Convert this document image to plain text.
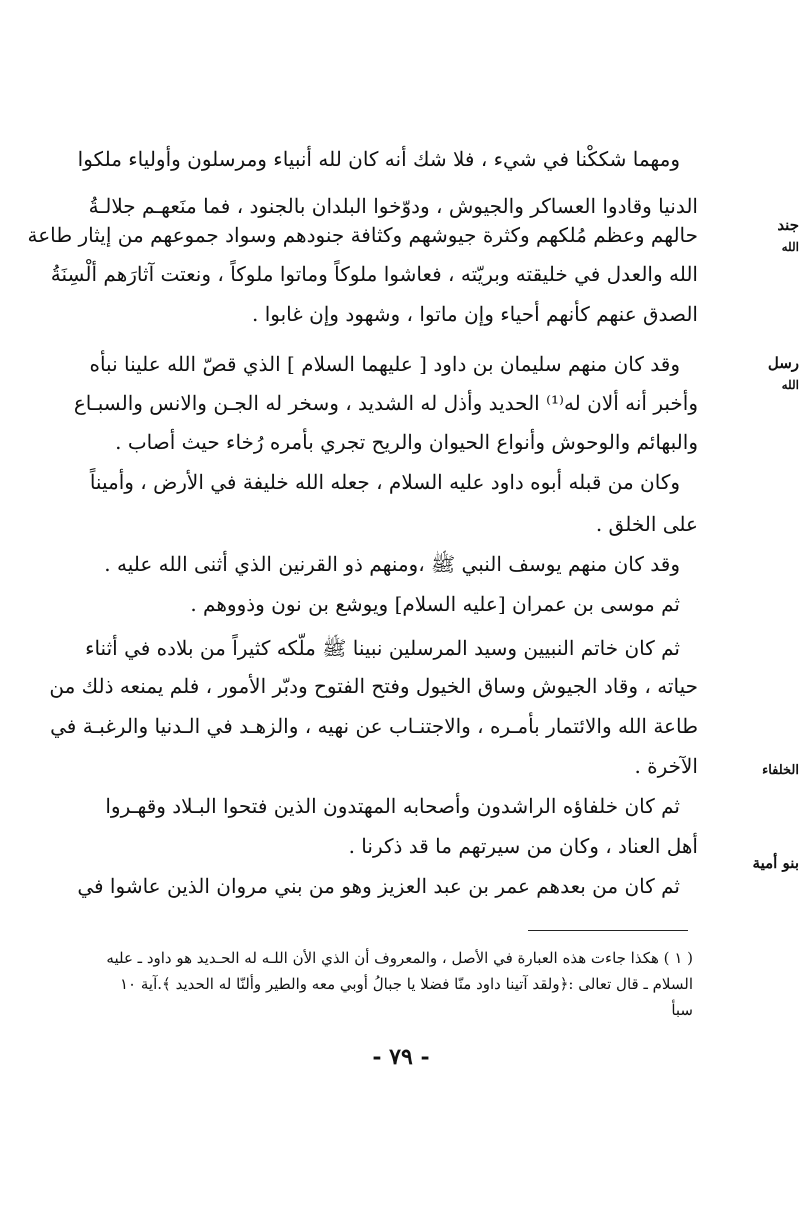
ومهما شككْنا في شيء ، فلا شك أنه كان لله أنبياء ومرسلون وأولياء ملكوا
الدنيا وقادوا العساكر والجيوش ، ودوّخوا البلدان بالجنود ، فما منَعهـم جلالـةُ
حالهم وعظم مُلكهم وكثرة جيوشهم وكثافة جنودهم وسواد جموعهم من إيثار طاعة
الله والعدل في خليقته وبريّته ، فعاشوا ملوكاً وماتوا ملوكاً ، ونعتت آثارَهم ألْسِنَةُ
الصدق عنهم كأنهم أحياء وإن ماتوا ، وشهود وإن غابوا .
وقد كان منهم سليمان بن داود [ عليهما السلام ] الذي قصّ الله علينا نبأه
وأخبر أنه ألان له⁽¹⁾ الحديد وأذل له الشديد ، وسخر له الجـن والانس والسبـاع
والبهائم والوحوش وأنواع الحيوان والريح تجري بأمره رُخاء حيث أصاب .
وكان من قبله أبوه داود عليه السلام ، جعله الله خليفة في الأرض ، وأميناً
على الخلق .
وقد كان منهم يوسف النبي ﷺ ،ومنهم ذو القرنين الذي أثنى الله عليه .
ثم موسى بن عمران [عليه السلام] ويوشع بن نون وذووهم .
ثم كان خاتم النبيين وسيد المرسلين نبينا ﷺ ملّكه كثيراً من بلاده في أثناء
حياته ، وقاد الجيوش وساق الخيول وفتح الفتوح ودبّر الأمور ، فلم يمنعه ذلك من
طاعة الله والائتمار بأمـره ، والاجتنـاب عن نهيه ، والزهـد في الـدنيا والرغبـة في
الآخرة .
ثم كان خلفاؤه الراشدون وأصحابه المهتدون الذين فتحوا البـلاد وقهـروا
أهل العناد ، وكان من سيرتهم ما قد ذكرنا .
ثم كان من بعدهم عمر بن عبد العزيز وهو من بني مروان الذين عاشوا في
جند
الله
رسل
الله
الخلفاء
بنو أمية
( ١ ) هكذا جاءت هذه العبارة في الأصل ، والمعروف أن الذي الأن اللـه له الحـديد هو داود ـ عليه
السلام ـ قال تعالى :﴿ولقد آتينا داود منّا فضلا يا جبالُ أوبي معه والطير وألنّا له الحديد ﴾.آية ١٠
سبأ
- ٧٩ -
